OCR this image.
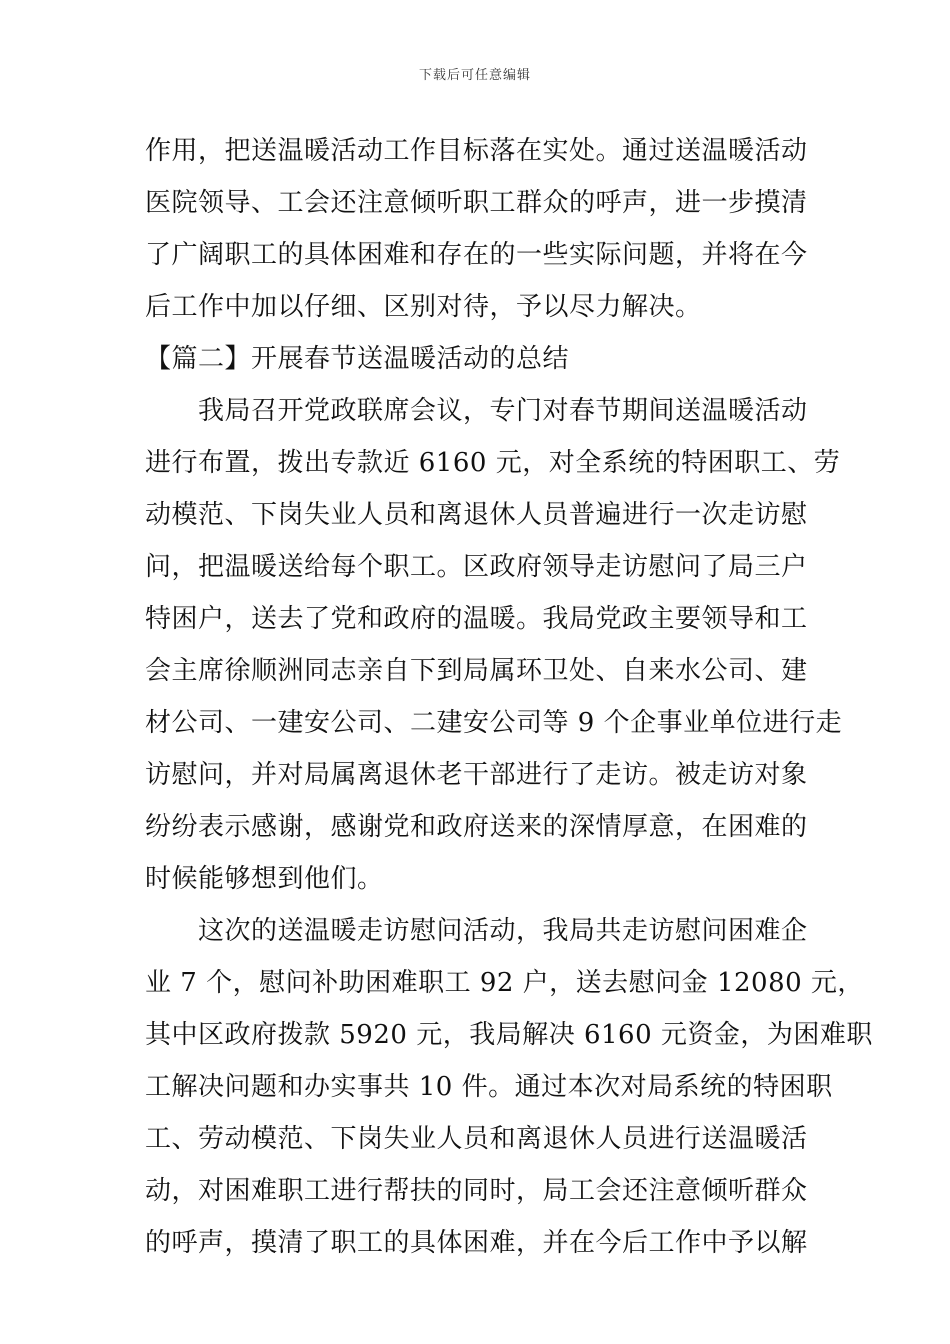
下载后可任意编辑
作用，把送温暖活动工作目标落在实处。通过送温暖活动
医院领导、工会还注意倾听职工群众的呼声，进一步摸清
了广阔职工的具体困难和存在的一些实际问题，并将在今
后工作中加以仔细、区别对待，予以尽力解决。
【篇二】开展春节送温暖活动的总结
　　我局召开党政联席会议，专门对春节期间送温暖活动
进行布置，拨出专款近 6160 元，对全系统的特困职工、劳
动模范、下岗失业人员和离退休人员普遍进行一次走访慰
问，把温暖送给每个职工。区政府领导走访慰问了局三户
特困户，送去了党和政府的温暖。我局党政主要领导和工
会主席徐顺洲同志亲自下到局属环卫处、自来水公司、建
材公司、一建安公司、二建安公司等 9 个企事业单位进行走
访慰问，并对局属离退休老干部进行了走访。被走访对象
纷纷表示感谢，感谢党和政府送来的深情厚意，在困难的
时候能够想到他们。
　　这次的送温暖走访慰问活动，我局共走访慰问困难企
业 7 个，慰问补助困难职工 92 户，送去慰问金 12080 元，
其中区政府拨款 5920 元，我局解决 6160 元资金，为困难职
工解决问题和办实事共 10 件。通过本次对局系统的特困职
工、劳动模范、下岗失业人员和离退休人员进行送温暖活
动，对困难职工进行帮扶的同时，局工会还注意倾听群众
的呼声，摸清了职工的具体困难，并在今后工作中予以解
